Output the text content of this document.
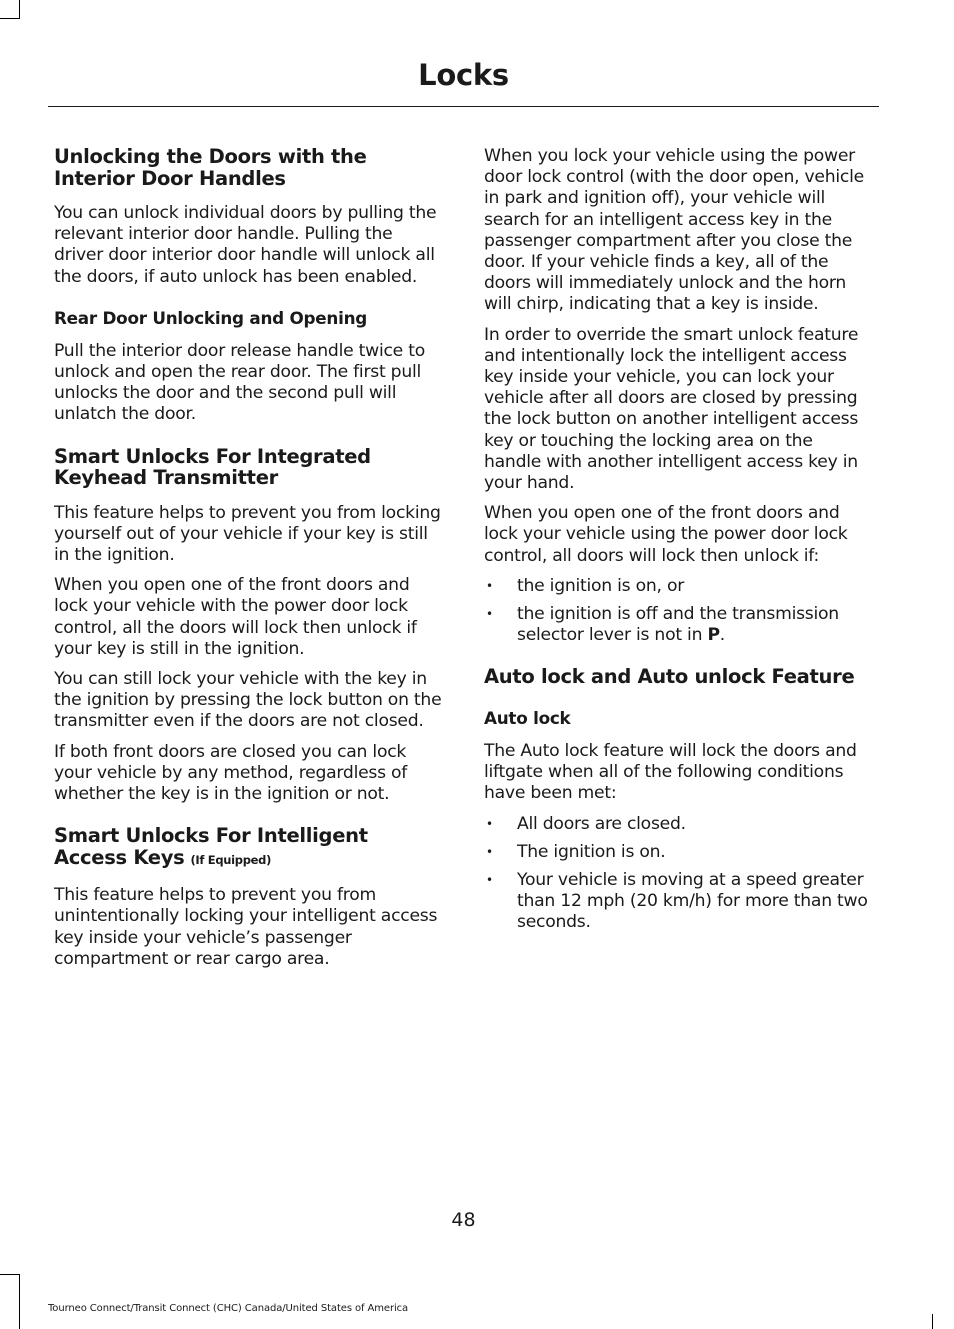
Locks
Unlocking the Doors with the Interior Door Handles

You can unlock individual doors by pulling the relevant interior door handle. Pulling the driver door interior door handle will unlock all the doors, if auto unlock has been enabled.

Rear Door Unlocking and Opening

Pull the interior door release handle twice to unlock and open the rear door. The first pull unlocks the door and the second pull will unlatch the door.

Smart Unlocks For Integrated Keyhead Transmitter

This feature helps to prevent you from locking yourself out of your vehicle if your key is still in the ignition.

When you open one of the front doors and lock your vehicle with the power door lock control, all the doors will lock then unlock if your key is still in the ignition.

You can still lock your vehicle with the key in the ignition by pressing the lock button on the transmitter even if the doors are not closed.

If both front doors are closed you can lock your vehicle by any method, regardless of whether the key is in the ignition or not.

Smart Unlocks For Intelligent Access Keys (If Equipped)

This feature helps to prevent you from unintentionally locking your intelligent access key inside your vehicle’s passenger compartment or rear cargo area.

When you lock your vehicle using the power door lock control (with the door open, vehicle in park and ignition off), your vehicle will search for an intelligent access key in the passenger compartment after you close the door. If your vehicle finds a key, all of the doors will immediately unlock and the horn will chirp, indicating that a key is inside.

In order to override the smart unlock feature and intentionally lock the intelligent access key inside your vehicle, you can lock your vehicle after all doors are closed by pressing the lock button on another intelligent access key or touching the locking area on the handle with another intelligent access key in your hand.

When you open one of the front doors and lock your vehicle using the power door lock control, all doors will lock then unlock if:

• the ignition is on, or
• the ignition is off and the transmission selector lever is not in P.
Auto lock and Auto unlock Feature
Auto lock

The Auto lock feature will lock the doors and liftgate when all of the following conditions have been met:

• All doors are closed.
• The ignition is on.
• Your vehicle is moving at a speed greater than 12 mph (20 km/h) for more than two seconds.
48
Tourneo Connect/Transit Connect (CHC) Canada/United States of America
